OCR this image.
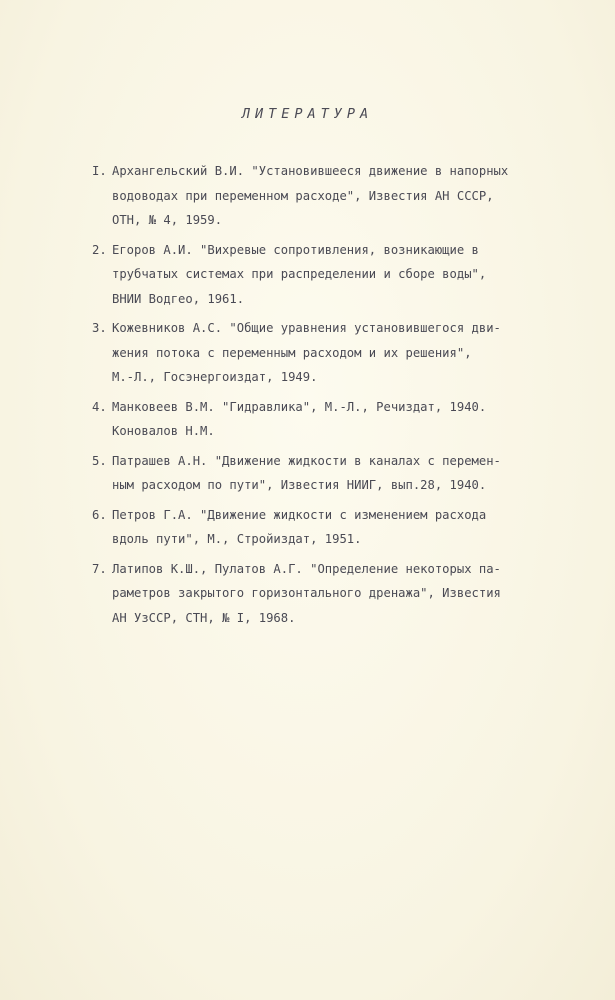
ЛИТЕРАТУРА
I. Архангельский В.И. "Установившееся движение в напорных
водоводах при переменном расходе", Известия АН СССР,
ОТН, № 4, 1959.
2. Егоров А.И. "Вихревые сопротивления, возникающие в
трубчатых системах при распределении и сборе воды",
ВНИИ Водгео, 1961.
3. Кожевников А.С. "Общие уравнения установившегося дви-
жения потока с переменным расходом и их решения",
М.-Л., Госэнергоиздат, 1949.
4. Манковеев В.М. "Гидравлика", М.-Л., Речиздат, 1940.
Коновалов Н.М.
5. Патрашев А.Н. "Движение жидкости в каналах с перемен-
ным расходом по пути", Известия НИИГ, вып.28, 1940.
6. Петров Г.А. "Движение жидкости с изменением расхода
вдоль пути", М., Стройиздат, 1951.
7. Латипов К.Ш., Пулатов А.Г. "Определение некоторых па-
раметров закрытого горизонтального дренажа", Известия
АН УзССР, СТН, № I, 1968.
